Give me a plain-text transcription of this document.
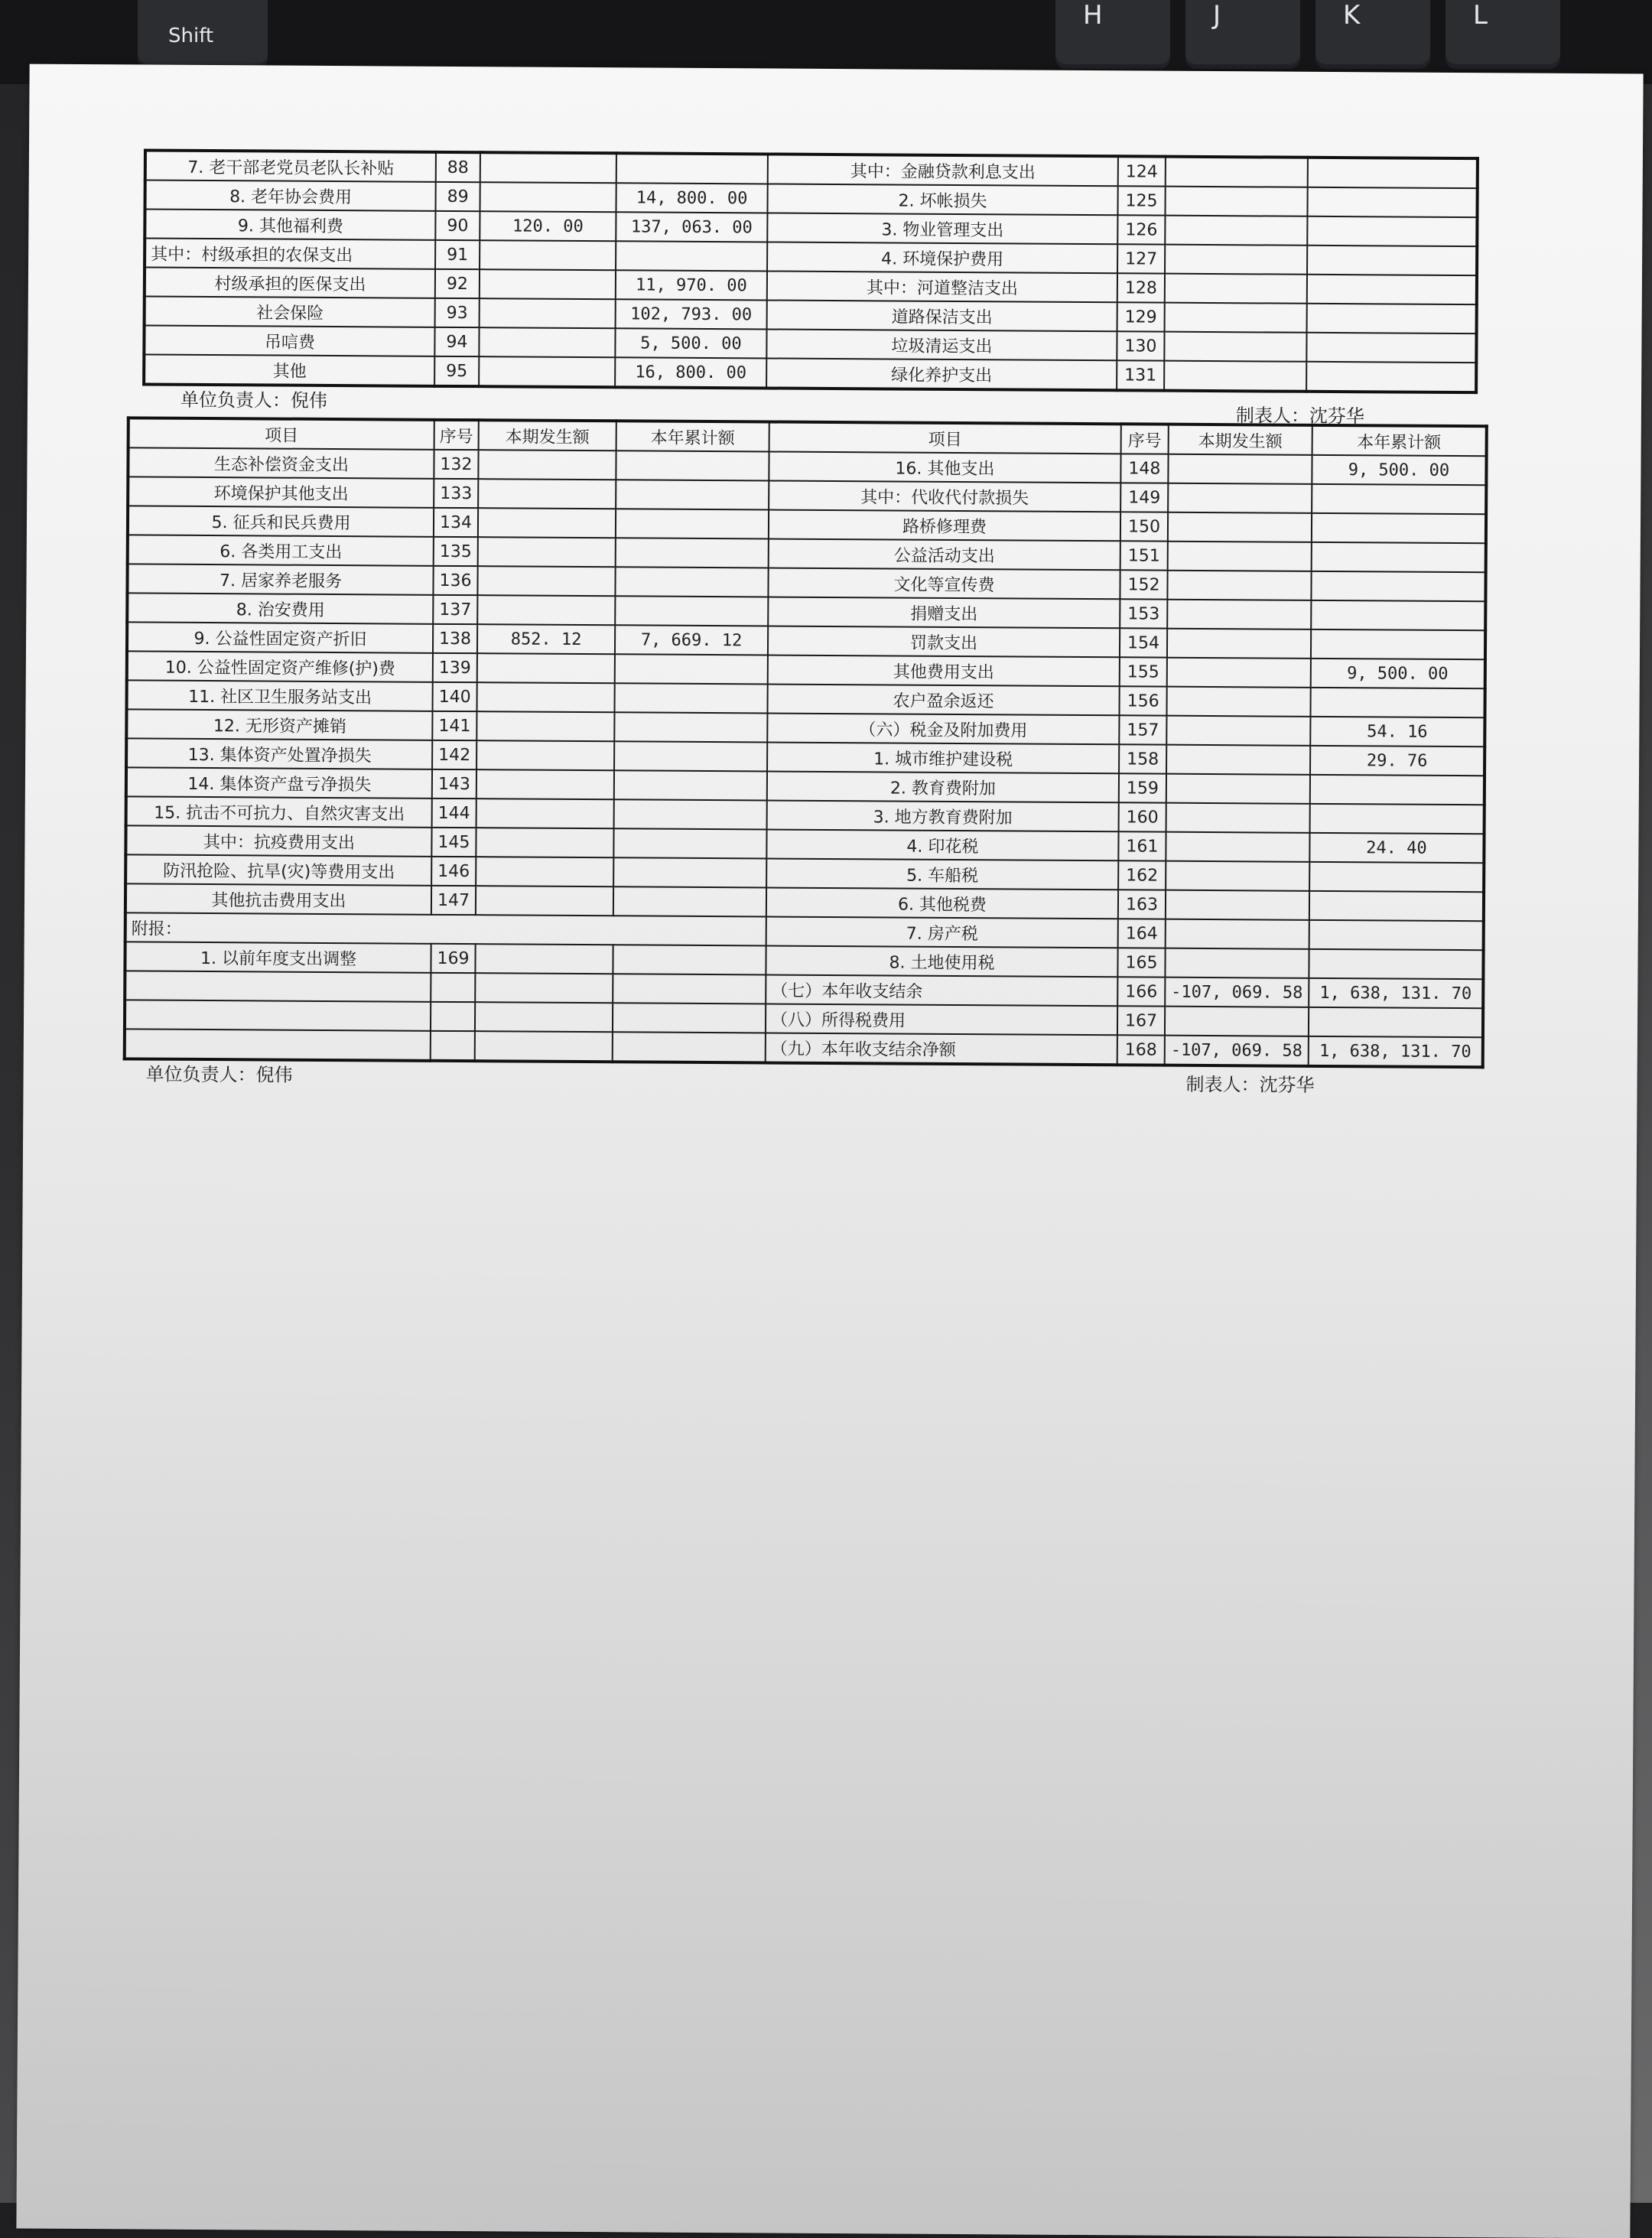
Shift
H	J	K	L
7. 老干部老党员老队长补贴	88			其中：金融贷款利息支出	124		
8. 老年协会费用	89		14, 800. 00	2. 坏帐损失	125		
9. 其他福利费	90	120. 00	137, 063. 00	3. 物业管理支出	126		
其中：村级承担的农保支出	91			4. 环境保护费用	127		
村级承担的医保支出	92		11, 970. 00	其中：河道整洁支出	128		
社会保险	93		102, 793. 00	道路保洁支出	129		
吊唁费	94		5, 500. 00	垃圾清运支出	130		
其他	95		16, 800. 00	绿化养护支出	131		
单位负责人：倪伟
制表人：沈芬华
项目	序号	本期发生额	本年累计额	项目	序号	本期发生额	本年累计额
生态补偿资金支出	132			16. 其他支出	148		9, 500. 00
环境保护其他支出	133			其中：代收代付款损失	149		
5. 征兵和民兵费用	134			路桥修理费	150		
6. 各类用工支出	135			公益活动支出	151		
7. 居家养老服务	136			文化等宣传费	152		
8. 治安费用	137			捐赠支出	153		
9. 公益性固定资产折旧	138	852. 12	7, 669. 12	罚款支出	154		
10. 公益性固定资产维修(护)费	139			其他费用支出	155		9, 500. 00
11. 社区卫生服务站支出	140			农户盈余返还	156		
12. 无形资产摊销	141			（六）税金及附加费用	157		54. 16
13. 集体资产处置净损失	142			1. 城市维护建设税	158		29. 76
14. 集体资产盘亏净损失	143			2. 教育费附加	159		
15. 抗击不可抗力、自然灾害支出	144			3. 地方教育费附加	160		
其中：抗疫费用支出	145			4. 印花税	161		24. 40
防汛抢险、抗旱(灾)等费用支出	146			5. 车船税	162		
其他抗击费用支出	147			6. 其他税费	163		
附报：				7. 房产税	164		
1. 以前年度支出调整	169			8. 土地使用税	165		
				（七）本年收支结余	166	-107, 069. 58	1, 638, 131. 70
				（八）所得税费用	167		
				（九）本年收支结余净额	168	-107, 069. 58	1, 638, 131. 70
单位负责人：倪伟	制表人：沈芬华
